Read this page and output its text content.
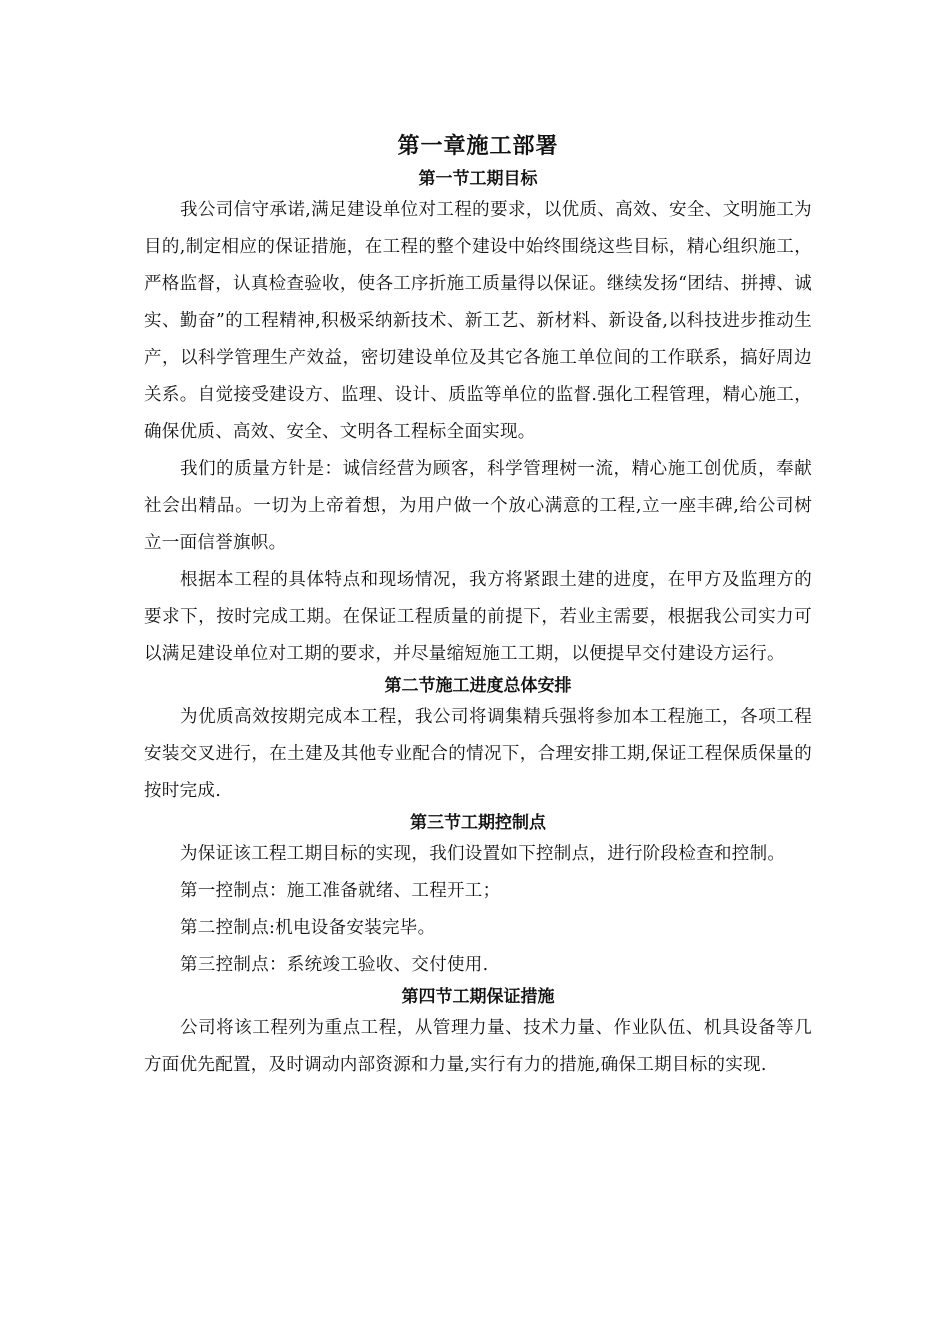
第一章施工部署
第一节工期目标

我公司信守承诺,满足建设单位对工程的要求，以优质、高效、安全、文明施工为目的,制定相应的保证措施，在工程的整个建设中始终围绕这些目标，精心组织施工，严格监督，认真检查验收，使各工序折施工质量得以保证。继续发扬“团结、拼搏、诚实、勤奋”的工程精神,积极采纳新技术、新工艺、新材料、新设备,以科技进步推动生产，以科学管理生产效益，密切建设单位及其它各施工单位间的工作联系，搞好周边关系。自觉接受建设方、监理、设计、质监等单位的监督.强化工程管理，精心施工，确保优质、高效、安全、文明各工程标全面实现。

我们的质量方针是：诚信经营为顾客，科学管理树一流，精心施工创优质，奉献社会出精品。一切为上帝着想，为用户做一个放心满意的工程,立一座丰碑,给公司树立一面信誉旗帜。

根据本工程的具体特点和现场情况，我方将紧跟土建的进度，在甲方及监理方的要求下，按时完成工期。在保证工程质量的前提下，若业主需要，根据我公司实力可以满足建设单位对工期的要求，并尽量缩短施工工期，以便提早交付建设方运行。

第二节施工进度总体安排

为优质高效按期完成本工程，我公司将调集精兵强将参加本工程施工，各项工程安装交叉进行，在土建及其他专业配合的情况下，合理安排工期,保证工程保质保量的按时完成.

第三节工期控制点

为保证该工程工期目标的实现，我们设置如下控制点，进行阶段检查和控制。

第一控制点：施工准备就绪、工程开工；

第二控制点:机电设备安装完毕。

第三控制点：系统竣工验收、交付使用.

第四节工期保证措施

公司将该工程列为重点工程，从管理力量、技术力量、作业队伍、机具设备等几方面优先配置，及时调动内部资源和力量,实行有力的措施,确保工期目标的实现.
